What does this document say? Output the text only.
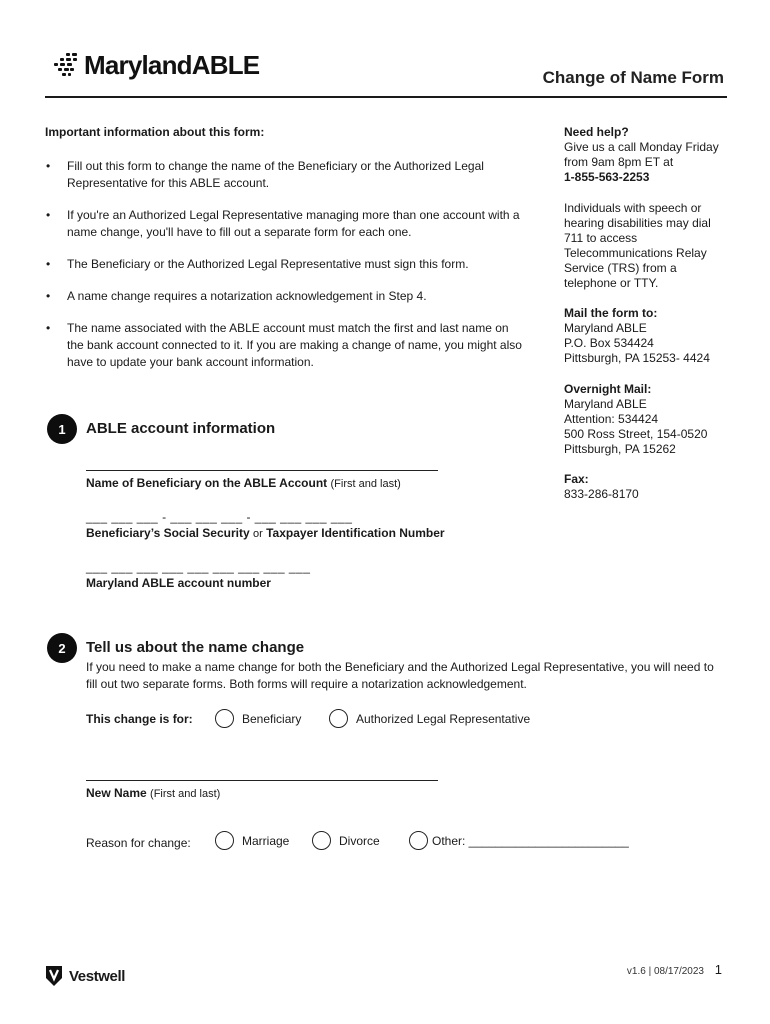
MarylandABLE	Change of Name Form
Important information about this form:
• Fill out this form to change the name of the Beneficiary or the Authorized Legal Representative for this ABLE account.
• If you're an Authorized Legal Representative managing more than one account with a name change, you'll have to fill out a separate form for each one.
• The Beneficiary or the Authorized Legal Representative must sign this form.
• A name change requires a notarization acknowledgement in Step 4.
• The name associated with the ABLE account must match the first and last name on the bank account connected to it. If you are making a change of name, you might also have to update your bank account information.
Need help?
Give us a call Monday Friday
from 9am 8pm ET at
1-855-563-2253
Individuals with speech or hearing disabilities may dial 711 to access Telecommunications Relay Service (TRS) from a telephone or TTY.
Mail the form to:
Maryland ABLE
P.O. Box 534424
Pittsburgh, PA 15253- 4424
Overnight Mail:
Maryland ABLE
Attention: 534424
500 Ross Street, 154-0520
Pittsburgh, PA 15262
Fax:
833-286-8170
1	ABLE account information
Name of Beneficiary on the ABLE Account (First and last)
___ ___ ___ - ___ ___ ___ - ___ ___ ___ ___
Beneficiary’s Social Security or Taxpayer Identification Number
___ ___ ___ ___ ___ ___ ___ ___ ___
Maryland ABLE account number
2	Tell us about the name change
If you need to make a name change for both the Beneficiary and the Authorized Legal Representative, you will need to fill out two separate forms. Both forms will require a notarization acknowledgement.
This change is for:	Beneficiary	Authorized Legal Representative
New Name (First and last)
Reason for change:	Marriage	Divorce	Other: ________________________
Vestwell	v1.6 | 08/17/2023 1
